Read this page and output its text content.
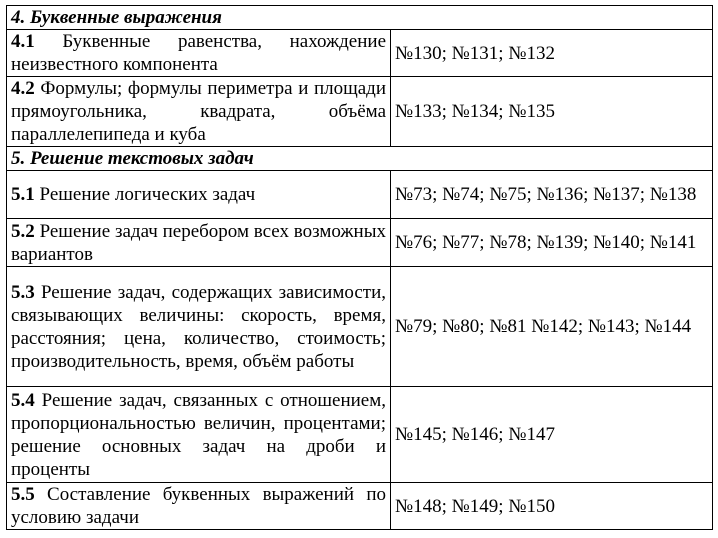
4. Буквенные выражения	
4.1 Буквенные равенства, нахождение неизвестного компонента	№130; №131; №132
4.2 Формулы; формулы периметра и площади прямоугольника, квадрата, объёма параллелепипеда и куба	№133; №134; №135
5. Решение текстовых задач	
5.1 Решение логических задач	№73; №74; №75; №136; №137; №138
5.2 Решение задач перебором всех возможных вариантов	№76; №77; №78; №139; №140; №141
5.3 Решение задач, содержащих зависимости, связывающих величины: скорость, время, расстояния; цена, количество, стоимость; производительность, время, объём работы	№79; №80; №81 №142; №143; №144
5.4 Решение задач, связанных с отношением, пропорциональностью величин, процентами; решение основных задач на дроби и проценты	№145; №146; №147
5.5 Составление буквенных выражений по условию задачи	№148; №149; №150
